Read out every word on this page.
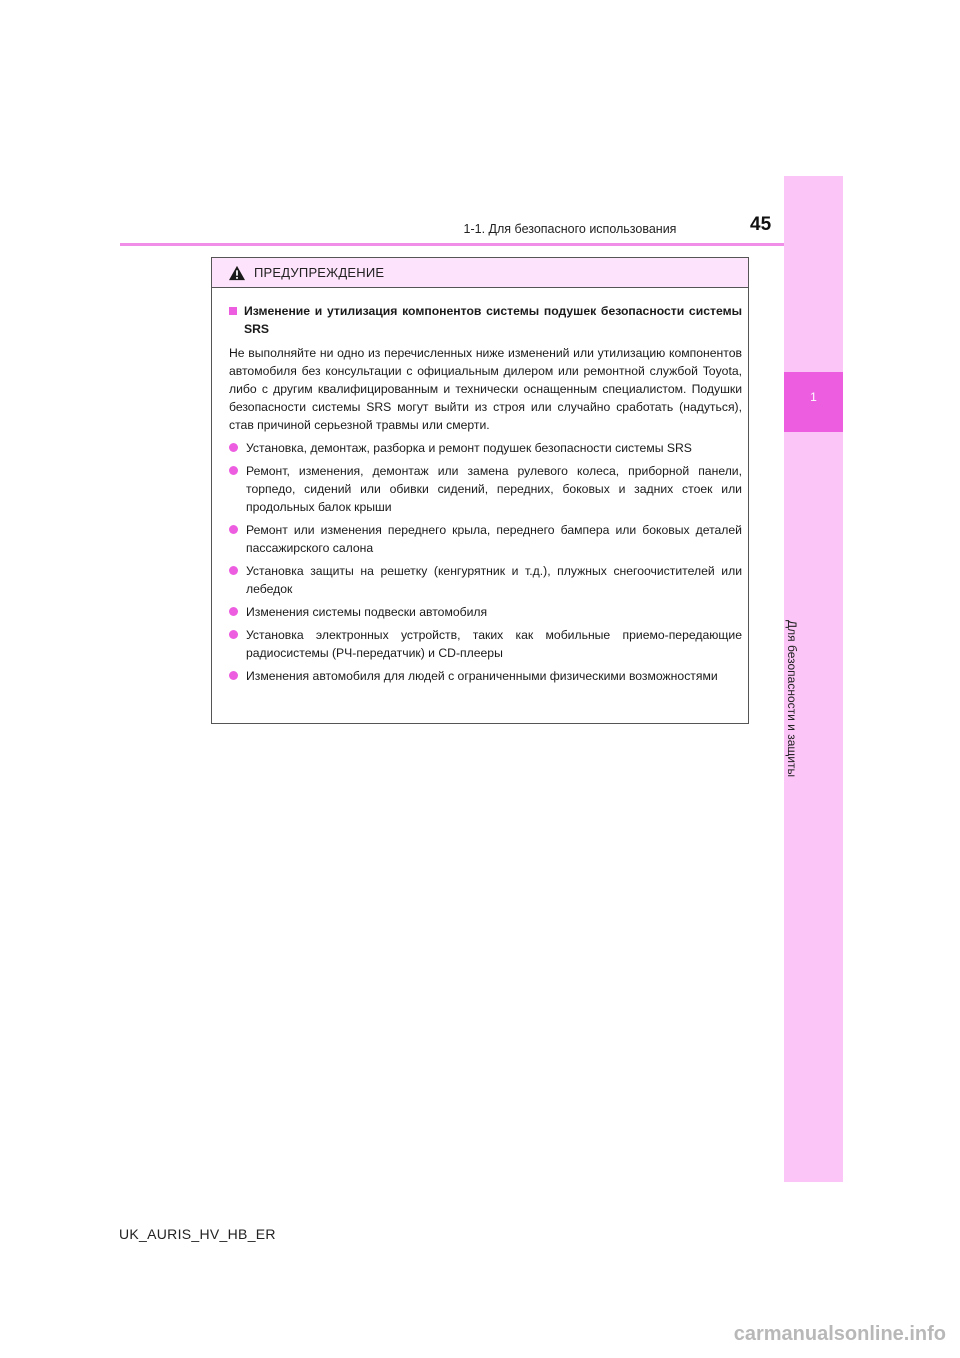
1-1. Для безопасного использования	45
1
Для безопасности и защиты
ПРЕДУПРЕЖДЕНИЕ
Изменение и утилизация компонентов системы подушек безопасности системы SRS
Не выполняйте ни одно из перечисленных ниже изменений или утилизацию компонентов автомобиля без консультации с официальным дилером или ремонтной службой Toyota, либо с другим квалифицированным и технически оснащенным специалистом. Подушки безопасности системы SRS могут выйти из строя или случайно сработать (надуться), став причиной серьезной травмы или смерти.
Установка, демонтаж, разборка и ремонт подушек безопасности системы SRS
Ремонт, изменения, демонтаж или замена рулевого колеса, приборной панели, торпедо, сидений или обивки сидений, передних, боковых и задних стоек или продольных балок крыши
Ремонт или изменения переднего крыла, переднего бампера или боковых деталей пассажирского салона
Установка защиты на решетку (кенгурятник и т.д.), плужных снегоочистителей или лебедок
Изменения системы подвески автомобиля
Установка электронных устройств, таких как мобильные приемо-передающие радиосистемы (РЧ-передатчик) и CD-плееры
Изменения автомобиля для людей с ограниченными физическими возможностями
UK_AURIS_HV_HB_ER
carmanualsonline.info
